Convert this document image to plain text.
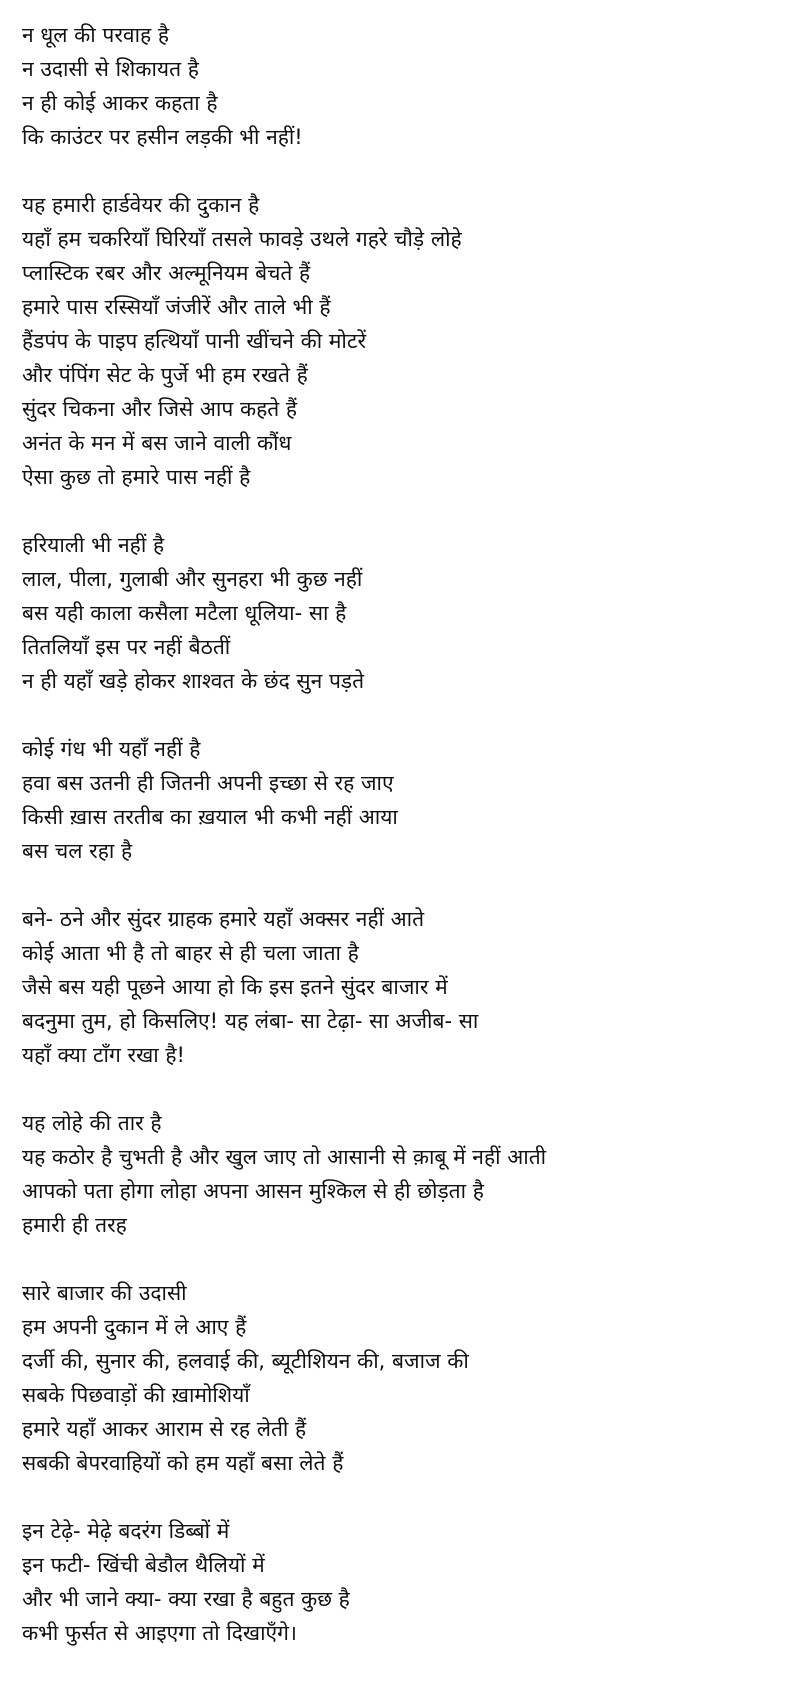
न धूल की परवाह है
न उदासी से शिकायत है
न ही कोई आकर कहता है
कि काउंटर पर हसीन लड़की भी नहीं!
यह हमारी हार्डवेयर की दुकान है
यहाँ हम चकरियाँ घिरियाँ तसले फावड़े उथले गहरे चौड़े लोहे
प्लास्टिक रबर और अल्मूनियम बेचते हैं
हमारे पास रस्सियाँ जंजीरें और ताले भी हैं
हैंडपंप के पाइप हत्थियाँ पानी खींचने की मोटरें
और पंपिंग सेट के पुर्जे भी हम रखते हैं
सुंदर चिकना और जिसे आप कहते हैं
अनंत के मन में बस जाने वाली कौंध
ऐसा कुछ तो हमारे पास नहीं है
हरियाली भी नहीं है
लाल, पीला, गुलाबी और सुनहरा भी कुछ नहीं
बस यही काला कसैला मटैला धूलिया- सा है
तितलियाँ इस पर नहीं बैठतीं
न ही यहाँ खड़े होकर शाश्वत के छंद सुन पड़ते
कोई गंध भी यहाँ नहीं है
हवा बस उतनी ही जितनी अपनी इच्छा से रह जाए
किसी ख़ास तरतीब का ख़याल भी कभी नहीं आया
बस चल रहा है
बने- ठने और सुंदर ग्राहक हमारे यहाँ अक्सर नहीं आते
कोई आता भी है तो बाहर से ही चला जाता है
जैसे बस यही पूछने आया हो कि इस इतने सुंदर बाजार में
बदनुमा तुम, हो किसलिए! यह लंबा- सा टेढ़ा- सा अजीब- सा
यहाँ क्या टाँग रखा है!
यह लोहे की तार है
यह कठोर है चुभती है और खुल जाए तो आसानी से क़ाबू में नहीं आती
आपको पता होगा लोहा अपना आसन मुश्किल से ही छोड़ता है
हमारी ही तरह
सारे बाजार की उदासी
हम अपनी दुकान में ले आए हैं
दर्जी की, सुनार की, हलवाई की, ब्यूटीशियन की, बजाज की
सबके पिछवाड़ों की ख़ामोशियाँ
हमारे यहाँ आकर आराम से रह लेती हैं
सबकी बेपरवाहियों को हम यहाँ बसा लेते हैं
इन टेढ़े- मेढ़े बदरंग डिब्बों में
इन फटी- खिंची बेडौल थैलियों में
और भी जाने क्या- क्या रखा है बहुत कुछ है
कभी फुर्सत से आइएगा तो दिखाएँगे।
